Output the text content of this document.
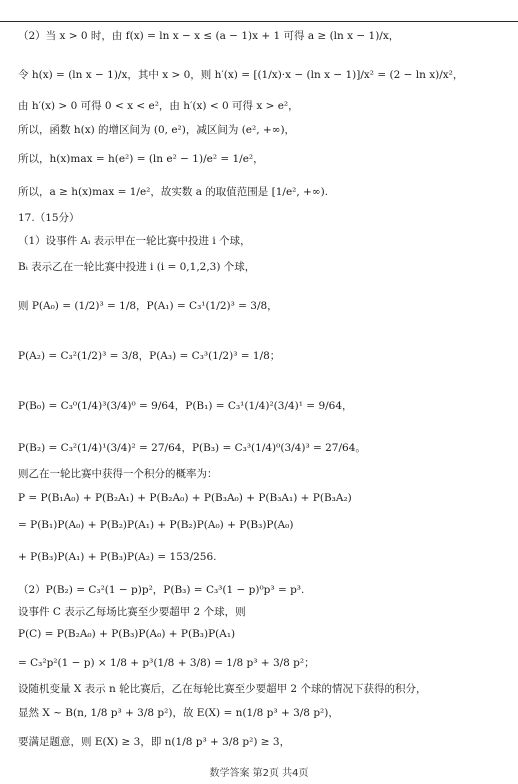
（2）当 x > 0 时，由 f(x) = ln x − x ≤ (a − 1)x + 1 可得 a ≥ (ln x − 1)/x，
令 h(x) = (ln x − 1)/x，其中 x > 0，则 h′(x) = [(1/x)·x − (ln x − 1)]/x² = (2 − ln x)/x²，
由 h′(x) > 0 可得 0 < x < e²，由 h′(x) < 0 可得 x > e²，
所以，函数 h(x) 的增区间为 (0, e²)，减区间为 (e², +∞)，
所以，h(x)max = h(e²) = (ln e² − 1)/e² = 1/e²，
所以，a ≥ h(x)max = 1/e²，故实数 a 的取值范围是 [1/e², +∞).
17.（15分）
（1）设事件 Aᵢ 表示甲在一轮比赛中投进 i 个球，
Bᵢ 表示乙在一轮比赛中投进 i (i = 0,1,2,3) 个球，
则 P(A₀) = (1/2)³ = 1/8，P(A₁) = C₃¹(1/2)³ = 3/8，
P(A₂) = C₃²(1/2)³ = 3/8，P(A₃) = C₃³(1/2)³ = 1/8；
P(B₀) = C₃⁰(1/4)³(3/4)⁰ = 9/64，P(B₁) = C₃¹(1/4)²(3/4)¹ = 9/64，
P(B₂) = C₃²(1/4)¹(3/4)² = 27/64，P(B₃) = C₃³(1/4)⁰(3/4)³ = 27/64。
则乙在一轮比赛中获得一个积分的概率为：
P = P(B₁A₀) + P(B₂A₁) + P(B₂A₀) + P(B₃A₀) + P(B₃A₁) + P(B₃A₂)
= P(B₁)P(A₀) + P(B₂)P(A₁) + P(B₂)P(A₀) + P(B₃)P(A₀)
+ P(B₃)P(A₁) + P(B₃)P(A₂) = 153/256.
（2）P(B₂) = C₃²(1 − p)p²，P(B₃) = C₃³(1 − p)⁰p³ = p³.
设事件 C 表示乙每场比赛至少要超甲 2 个球，则
P(C) = P(B₂A₀) + P(B₃)P(A₀) + P(B₃)P(A₁)
= C₃²p²(1 − p) × 1/8 + p³(1/8 + 3/8) = 1/8 p³ + 3/8 p²；
设随机变量 X 表示 n 轮比赛后，乙在每轮比赛至少要超甲 2 个球的情况下获得的积分，
显然 X ~ B(n, 1/8 p³ + 3/8 p²)，故 E(X) = n(1/8 p³ + 3/8 p²)，
要满足题意，则 E(X) ≥ 3，即 n(1/8 p³ + 3/8 p²) ≥ 3，
数学答案 第2页 共4页
